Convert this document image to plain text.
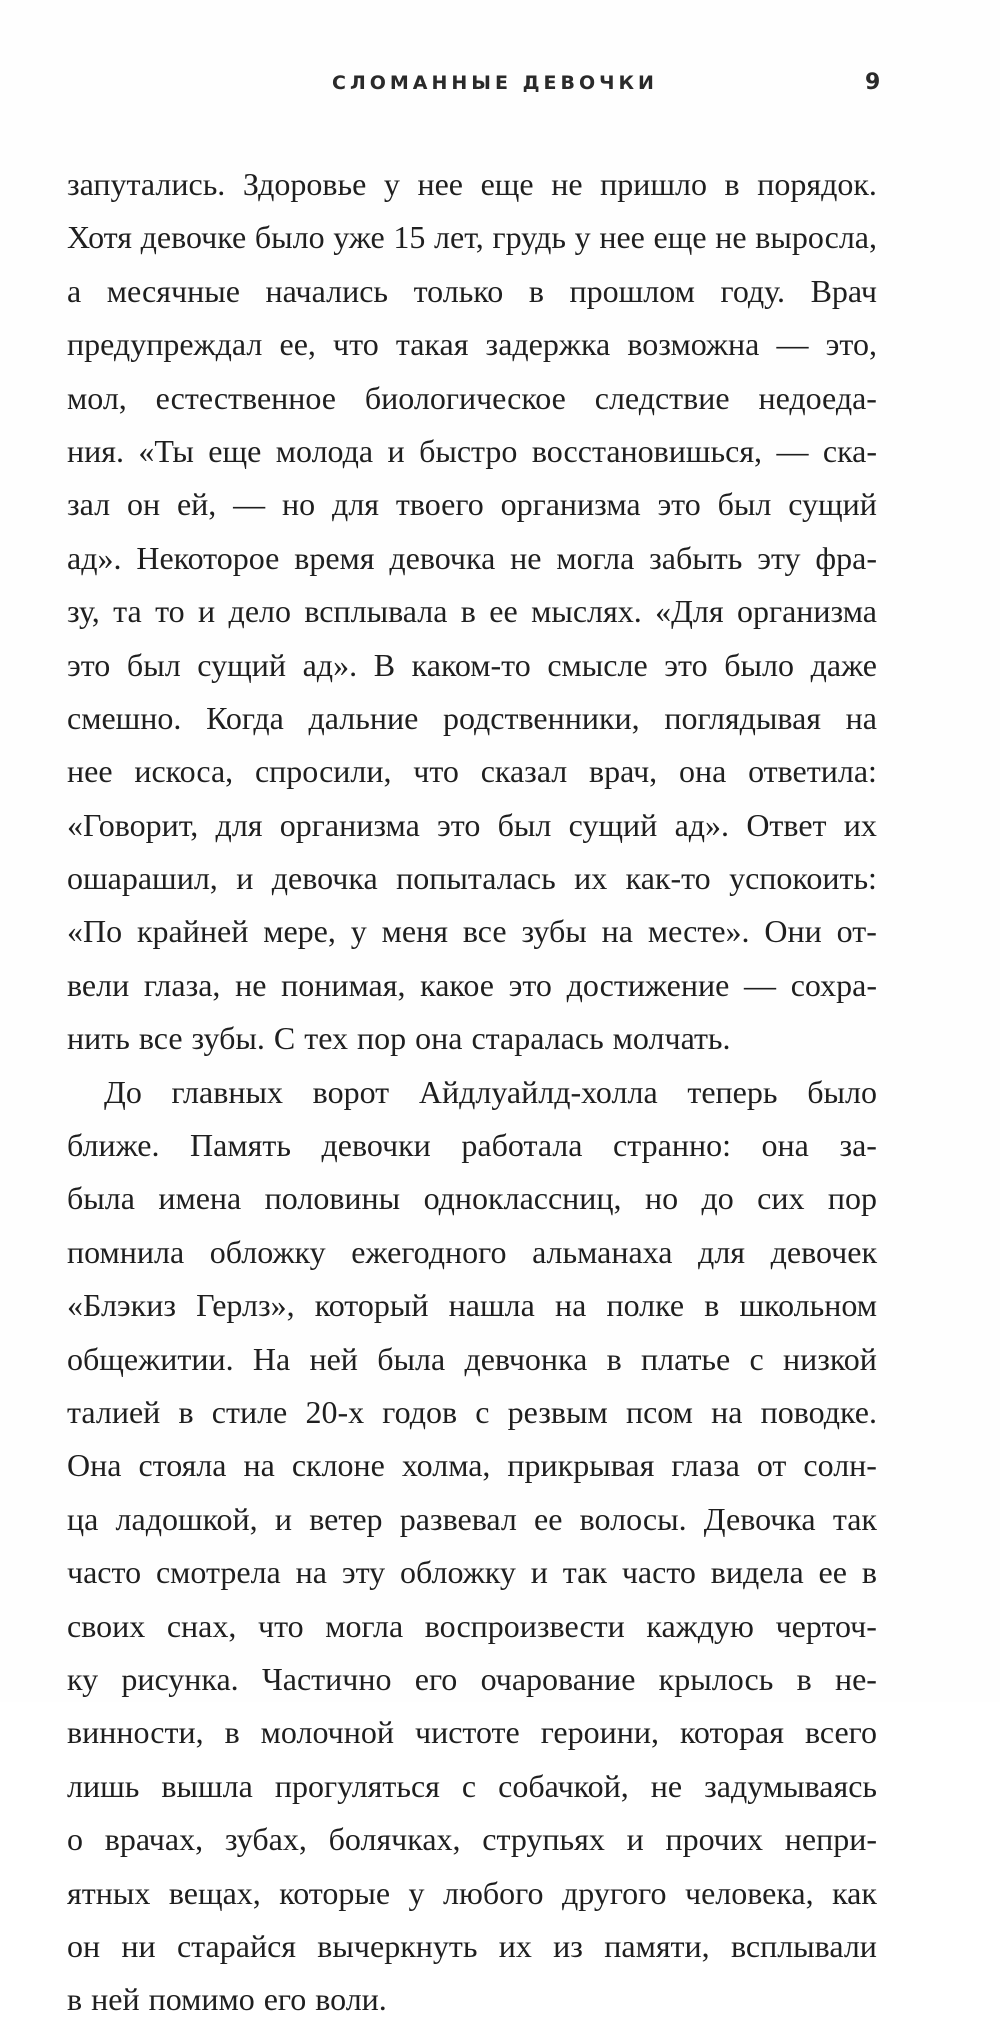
СЛОМАННЫЕ ДЕВОЧКИ	9
запутались. Здоровье у нее еще не пришло в порядок.
Хотя девочке было уже 15 лет, грудь у нее еще не выросла,
а месячные начались только в прошлом году. Врач
предупреждал ее, что такая задержка возможна — это,
мол, естественное биологическое следствие недоеда-
ния. «Ты еще молода и быстро восстановишься, — ска-
зал он ей, — но для твоего организма это был сущий
ад». Некоторое время девочка не могла забыть эту фра-
зу, та то и дело всплывала в ее мыслях. «Для организма
это был сущий ад». В каком-то смысле это было даже
смешно. Когда дальние родственники, поглядывая на
нее искоса, спросили, что сказал врач, она ответила:
«Говорит, для организма это был сущий ад». Ответ их
ошарашил, и девочка попыталась их как-то успокоить:
«По крайней мере, у меня все зубы на месте». Они от-
вели глаза, не понимая, какое это достижение — сохра-
нить все зубы. С тех пор она старалась молчать.
До главных ворот Айдлуайлд-холла теперь было
ближе. Память девочки работала странно: она за-
была имена половины одноклассниц, но до сих пор
помнила обложку ежегодного альманаха для девочек
«Блэкиз Герлз», который нашла на полке в школьном
общежитии. На ней была девчонка в платье с низкой
талией в стиле 20-х годов с резвым псом на поводке.
Она стояла на склоне холма, прикрывая глаза от солн-
ца ладошкой, и ветер развевал ее волосы. Девочка так
часто смотрела на эту обложку и так часто видела ее в
своих снах, что могла воспроизвести каждую черточ-
ку рисунка. Частично его очарование крылось в не-
винности, в молочной чистоте героини, которая всего
лишь вышла прогуляться с собачкой, не задумываясь
о врачах, зубах, болячках, струпьях и прочих непри-
ятных вещах, которые у любого другого человека, как
он ни старайся вычеркнуть их из памяти, всплывали
в ней помимо его воли.
